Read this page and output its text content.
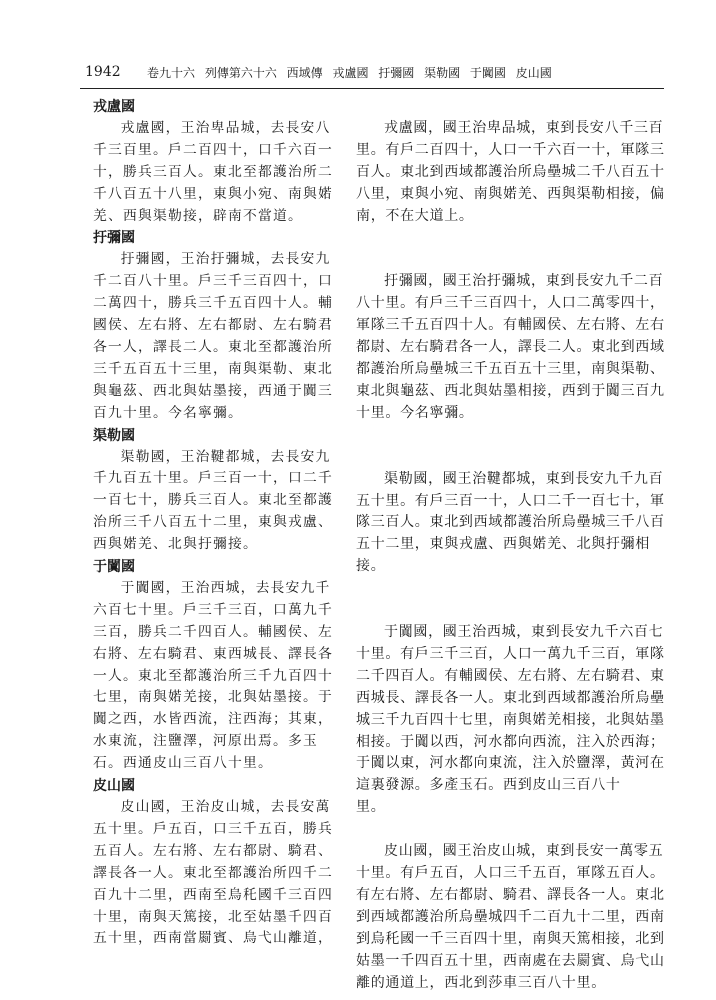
1942 卷九十六 列傳第六十六 西域傳 戎盧國 扜彌國 渠勒國 于闐國 皮山國
戎盧國
戎盧國，王治卑品城，去長安八
千三百里。戶二百四十，口千六百一
十，勝兵三百人。東北至都護治所二
千八百五十八里，東與小宛、南與婼
羌、西與渠勒接，辟南不當道。
扜彌國
扜彌國，王治扜彌城，去長安九
千二百八十里。戶三千三百四十，口
二萬四十，勝兵三千五百四十人。輔
國侯、左右將、左右都尉、左右騎君
各一人，譯長二人。東北至都護治所
三千五百五十三里，南與渠勒、東北
與龜茲、西北與姑墨接，西通于闐三
百九十里。今名寧彌。
渠勒國
渠勒國，王治鞬都城，去長安九
千九百五十里。戶三百一十，口二千
一百七十，勝兵三百人。東北至都護
治所三千八百五十二里，東與戎盧、
西與婼羌、北與扜彌接。
于闐國
于闐國，王治西城，去長安九千
六百七十里。戶三千三百，口萬九千
三百，勝兵二千四百人。輔國侯、左
右將、左右騎君、東西城長、譯長各
一人。東北至都護治所三千九百四十
七里，南與婼羌接，北與姑墨接。于
闐之西，水皆西流，注西海；其東，
水東流，注鹽澤，河原出焉。多玉
石。西通皮山三百八十里。
皮山國
皮山國，王治皮山城，去長安萬
五十里。戶五百，口三千五百，勝兵
五百人。左右將、左右都尉、騎君、
譯長各一人。東北至都護治所四千二
百九十二里，西南至烏秅國千三百四
十里，南與天篤接，北至姑墨千四百
五十里，西南當罽賓、烏弋山離道，
戎盧國，國王治卑品城，東到長安八千三百
里。有戶二百四十，人口一千六百一十，軍隊三
百人。東北到西域都護治所烏壘城二千八百五十
八里，東與小宛、南與婼羌、西與渠勒相接，偏
南，不在大道上。
扜彌國，國王治扜彌城，東到長安九千二百
八十里。有戶三千三百四十，人口二萬零四十，
軍隊三千五百四十人。有輔國侯、左右將、左右
都尉、左右騎君各一人，譯長二人。東北到西域
都護治所烏壘城三千五百五十三里，南與渠勒、
東北與龜茲、西北與姑墨相接，西到于闐三百九
十里。今名寧彌。
渠勒國，國王治鞬都城，東到長安九千九百
五十里。有戶三百一十，人口二千一百七十，軍
隊三百人。東北到西域都護治所烏壘城三千八百
五十二里，東與戎盧、西與婼羌、北與扜彌相
接。
于闐國，國王治西城，東到長安九千六百七
十里。有戶三千三百，人口一萬九千三百，軍隊
二千四百人。有輔國侯、左右將、左右騎君、東
西城長、譯長各一人。東北到西域都護治所烏壘
城三千九百四十七里，南與婼羌相接，北與姑墨
相接。于闐以西，河水都向西流，注入於西海；
于闐以東，河水都向東流，注入於鹽澤，黃河在
這裏發源。多產玉石。西到皮山三百八十
里。
皮山國，國王治皮山城，東到長安一萬零五
十里。有戶五百，人口三千五百，軍隊五百人。
有左右將、左右都尉、騎君、譯長各一人。東北
到西域都護治所烏壘城四千二百九十二里，西南
到烏秅國一千三百四十里，南與天篤相接，北到
姑墨一千四百五十里，西南處在去罽賓、烏弋山
離的通道上，西北到莎車三百八十里。
